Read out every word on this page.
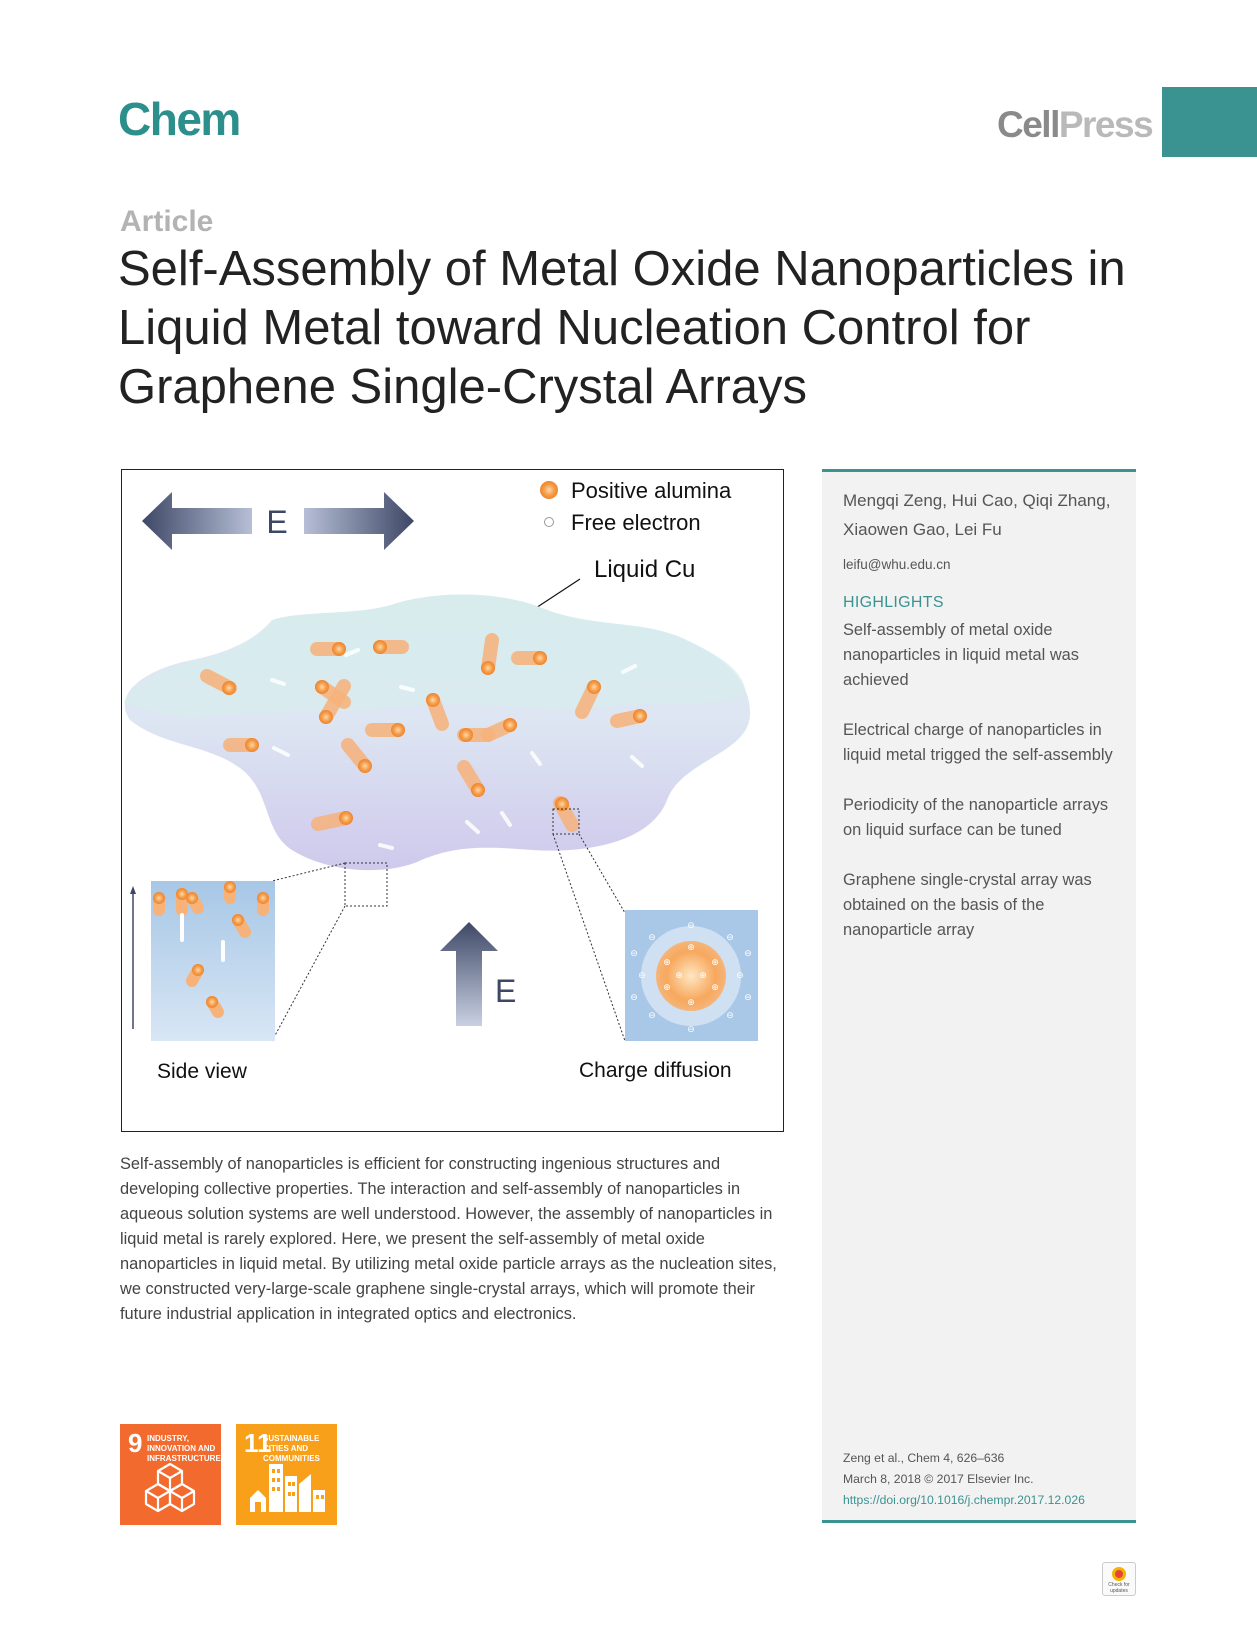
Chem	CellPress
Article
Self-Assembly of Metal Oxide Nanoparticles in Liquid Metal toward Nucleation Control for Graphene Single-Crystal Arrays
E
Positive alumina
Free electron
Liquid Cu
Side view
E
⊕
⊕	⊕
⊕	⊕
⊕
⊕ ⊕
⊖	⊖
⊖	⊖
⊖	⊖
⊖
⊖
⊖	⊖
⊖	⊖
Charge diffusion

Self-assembly of nanoparticles is efficient for constructing ingenious structures and developing collective properties. The interaction and self-assembly of nanoparticles in aqueous solution systems are well understood. However, the assembly of nanoparticles in liquid metal is rarely explored. Here, we present the self-assembly of metal oxide nanoparticles in liquid metal. By utilizing metal oxide particle arrays as the nucleation sites, we constructed very-large-scale graphene single-crystal arrays, which will promote their future industrial application in integrated optics and electronics.

Mengqi Zeng, Hui Cao, Qiqi Zhang, Xiaowen Gao, Lei Fu
leifu@whu.edu.cn
HIGHLIGHTS
Self-assembly of metal oxide nanoparticles in liquid metal was achieved
Electrical charge of nanoparticles in liquid metal trigged the self-assembly
Periodicity of the nanoparticle arrays on liquid surface can be tuned
Graphene single-crystal array was obtained on the basis of the nanoparticle array
Zeng et al., Chem 4, 626–636
March 8, 2018 © 2017 Elsevier Inc.
https://doi.org/10.1016/j.chempr.2017.12.026
9 INDUSTRY, INNOVATION AND INFRASTRUCTURE
11
SUSTAINABLE CITIES AND COMMUNITIES
Check for updates
